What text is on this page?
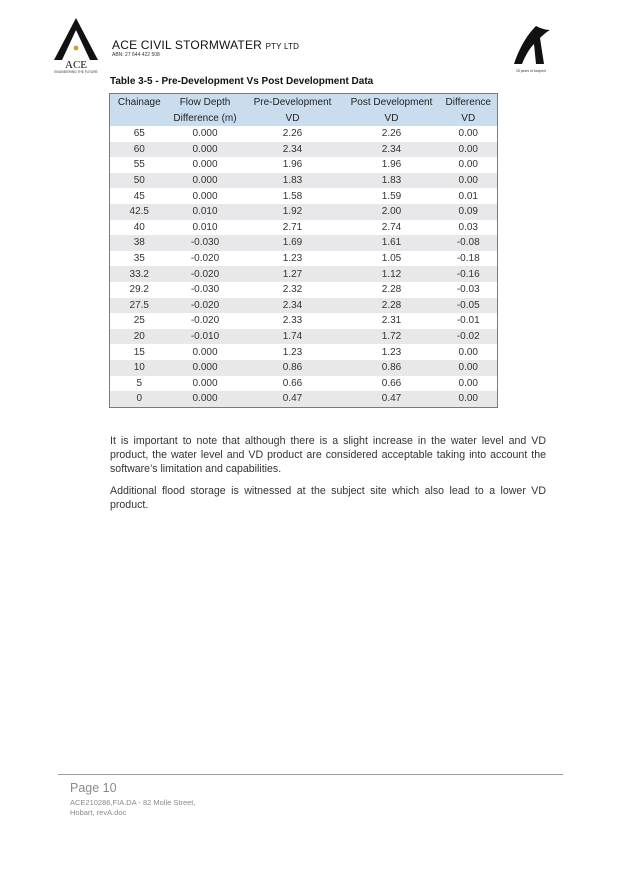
ACE
ENGINEERING THE FUTURE
ACE CIVIL STORMWATER PTY LTD
ABN: 27 644 422 508
25 years of footprint
Table 3-5 - Pre-Development Vs Post Development Data
Chainage	Flow Depth	Pre-Development	Post Development	Difference
	Difference (m)	VD	VD	VD
65	0.000	2.26	2.26	0.00
60	0.000	2.34	2.34	0.00
55	0.000	1.96	1.96	0.00
50	0.000	1.83	1.83	0.00
45	0.000	1.58	1.59	0.01
42.5	0.010	1.92	2.00	0.09
40	0.010	2.71	2.74	0.03
38	-0.030	1.69	1.61	-0.08
35	-0.020	1.23	1.05	-0.18
33.2	-0.020	1.27	1.12	-0.16
29.2	-0.030	2.32	2.28	-0.03
27.5	-0.020	2.34	2.28	-0.05
25	-0.020	2.33	2.31	-0.01
20	-0.010	1.74	1.72	-0.02
15	0.000	1.23	1.23	0.00
10	0.000	0.86	0.86	0.00
5	0.000	0.66	0.66	0.00
0	0.000	0.47	0.47	0.00
It is important to note that although there is a slight increase in the water level and VD product, the water level and VD product are considered acceptable taking into account the software’s limitation and capabilities.
Additional flood storage is witnessed at the subject site which also lead to a lower VD product.
Page 10
ACE210286,FIA.DA - 82 Molle Street,
Hobart, revA.doc
